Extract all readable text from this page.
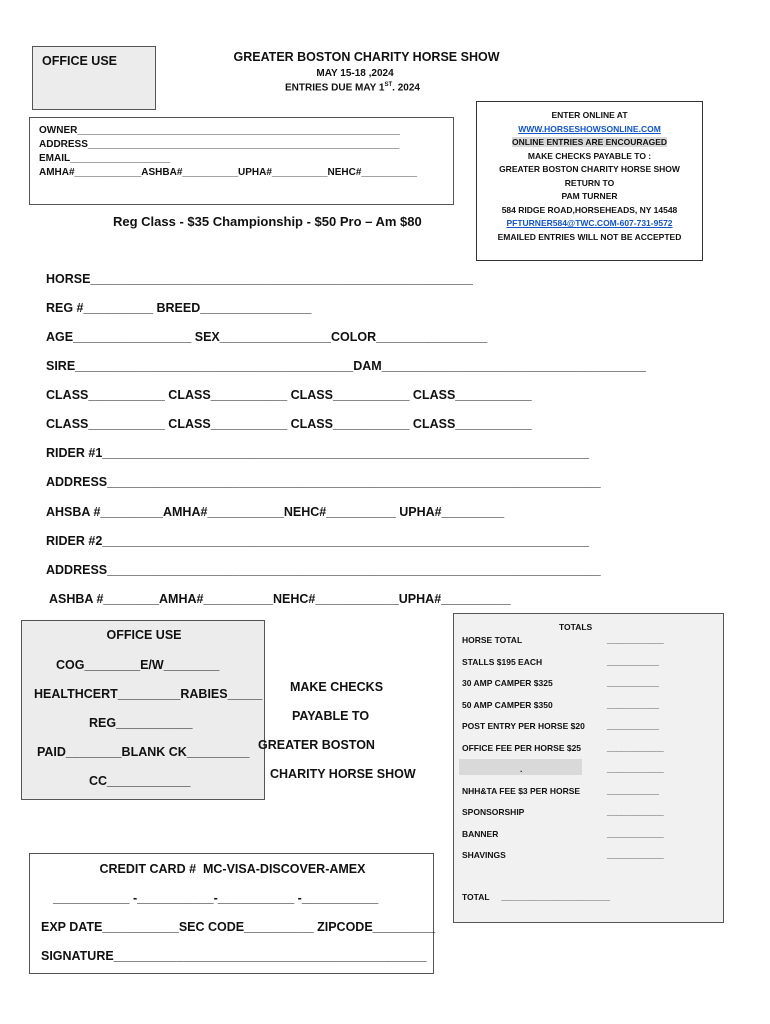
OFFICE USE	GREATER BOSTON CHARITY HORSE SHOW
MAY 15-18 ,2024
ENTRIES DUE MAY 1ST. 2024
OWNER__________________________________________________________
ADDRESS________________________________________________________
EMAIL__________________
AMHA#____________ASHBA#__________UPHA#__________NEHC#__________
ENTER ONLINE AT
WWW.HORSESHOWSONLINE.COM
ONLINE ENTRIES ARE ENCOURAGED
MAKE CHECKS PAYABLE TO :
GREATER BOSTON CHARITY HORSE SHOW
RETURN TO
PAM TURNER
584 RIDGE ROAD,HORSEHEADS, NY 14548
PFTURNER584@TWC.COM-607-731-9572
EMAILED ENTRIES WILL NOT BE ACCEPTED
Reg Class - $35 Championship - $50 Pro – Am $80
HORSE_______________________________________________________
REG #__________ BREED________________
AGE_________________ SEX________________COLOR________________
SIRE________________________________________DAM______________________________________
CLASS___________ CLASS___________ CLASS___________ CLASS___________
CLASS___________ CLASS___________ CLASS___________ CLASS___________
RIDER #1______________________________________________________________________
ADDRESS_______________________________________________________________________
AHSBA #_________AMHA#___________NEHC#__________ UPHA#_________
RIDER #2______________________________________________________________________
ADDRESS_______________________________________________________________________
ASHBA #________AMHA#__________NEHC#____________UPHA#__________
OFFICE USE
COG________E/W________
HEALTHCERT_________RABIES_____
REG___________
PAID________BLANK CK_________
CC____________
MAKE CHECKS
PAYABLE TO
GREATER BOSTON
CHARITY HORSE SHOW
TOTALS
HORSE TOTAL	____________
STALLS $195 EACH	___________
30 AMP CAMPER $325	___________
50 AMP CAMPER $350	___________
POST ENTRY PER HORSE $20	___________
OFFICE FEE PER HORSE $25	____________
.	____________
NHH&TA FEE $3 PER HORSE	___________
SPONSORSHIP	____________
BANNER	____________
SHAVINGS	____________
TOTAL     _______________________
CREDIT CARD #  MC-VISA-DISCOVER-AMEX
___________ -___________-___________ -___________
EXP DATE___________SEC CODE__________ ZIPCODE_________
SIGNATURE_____________________________________________
